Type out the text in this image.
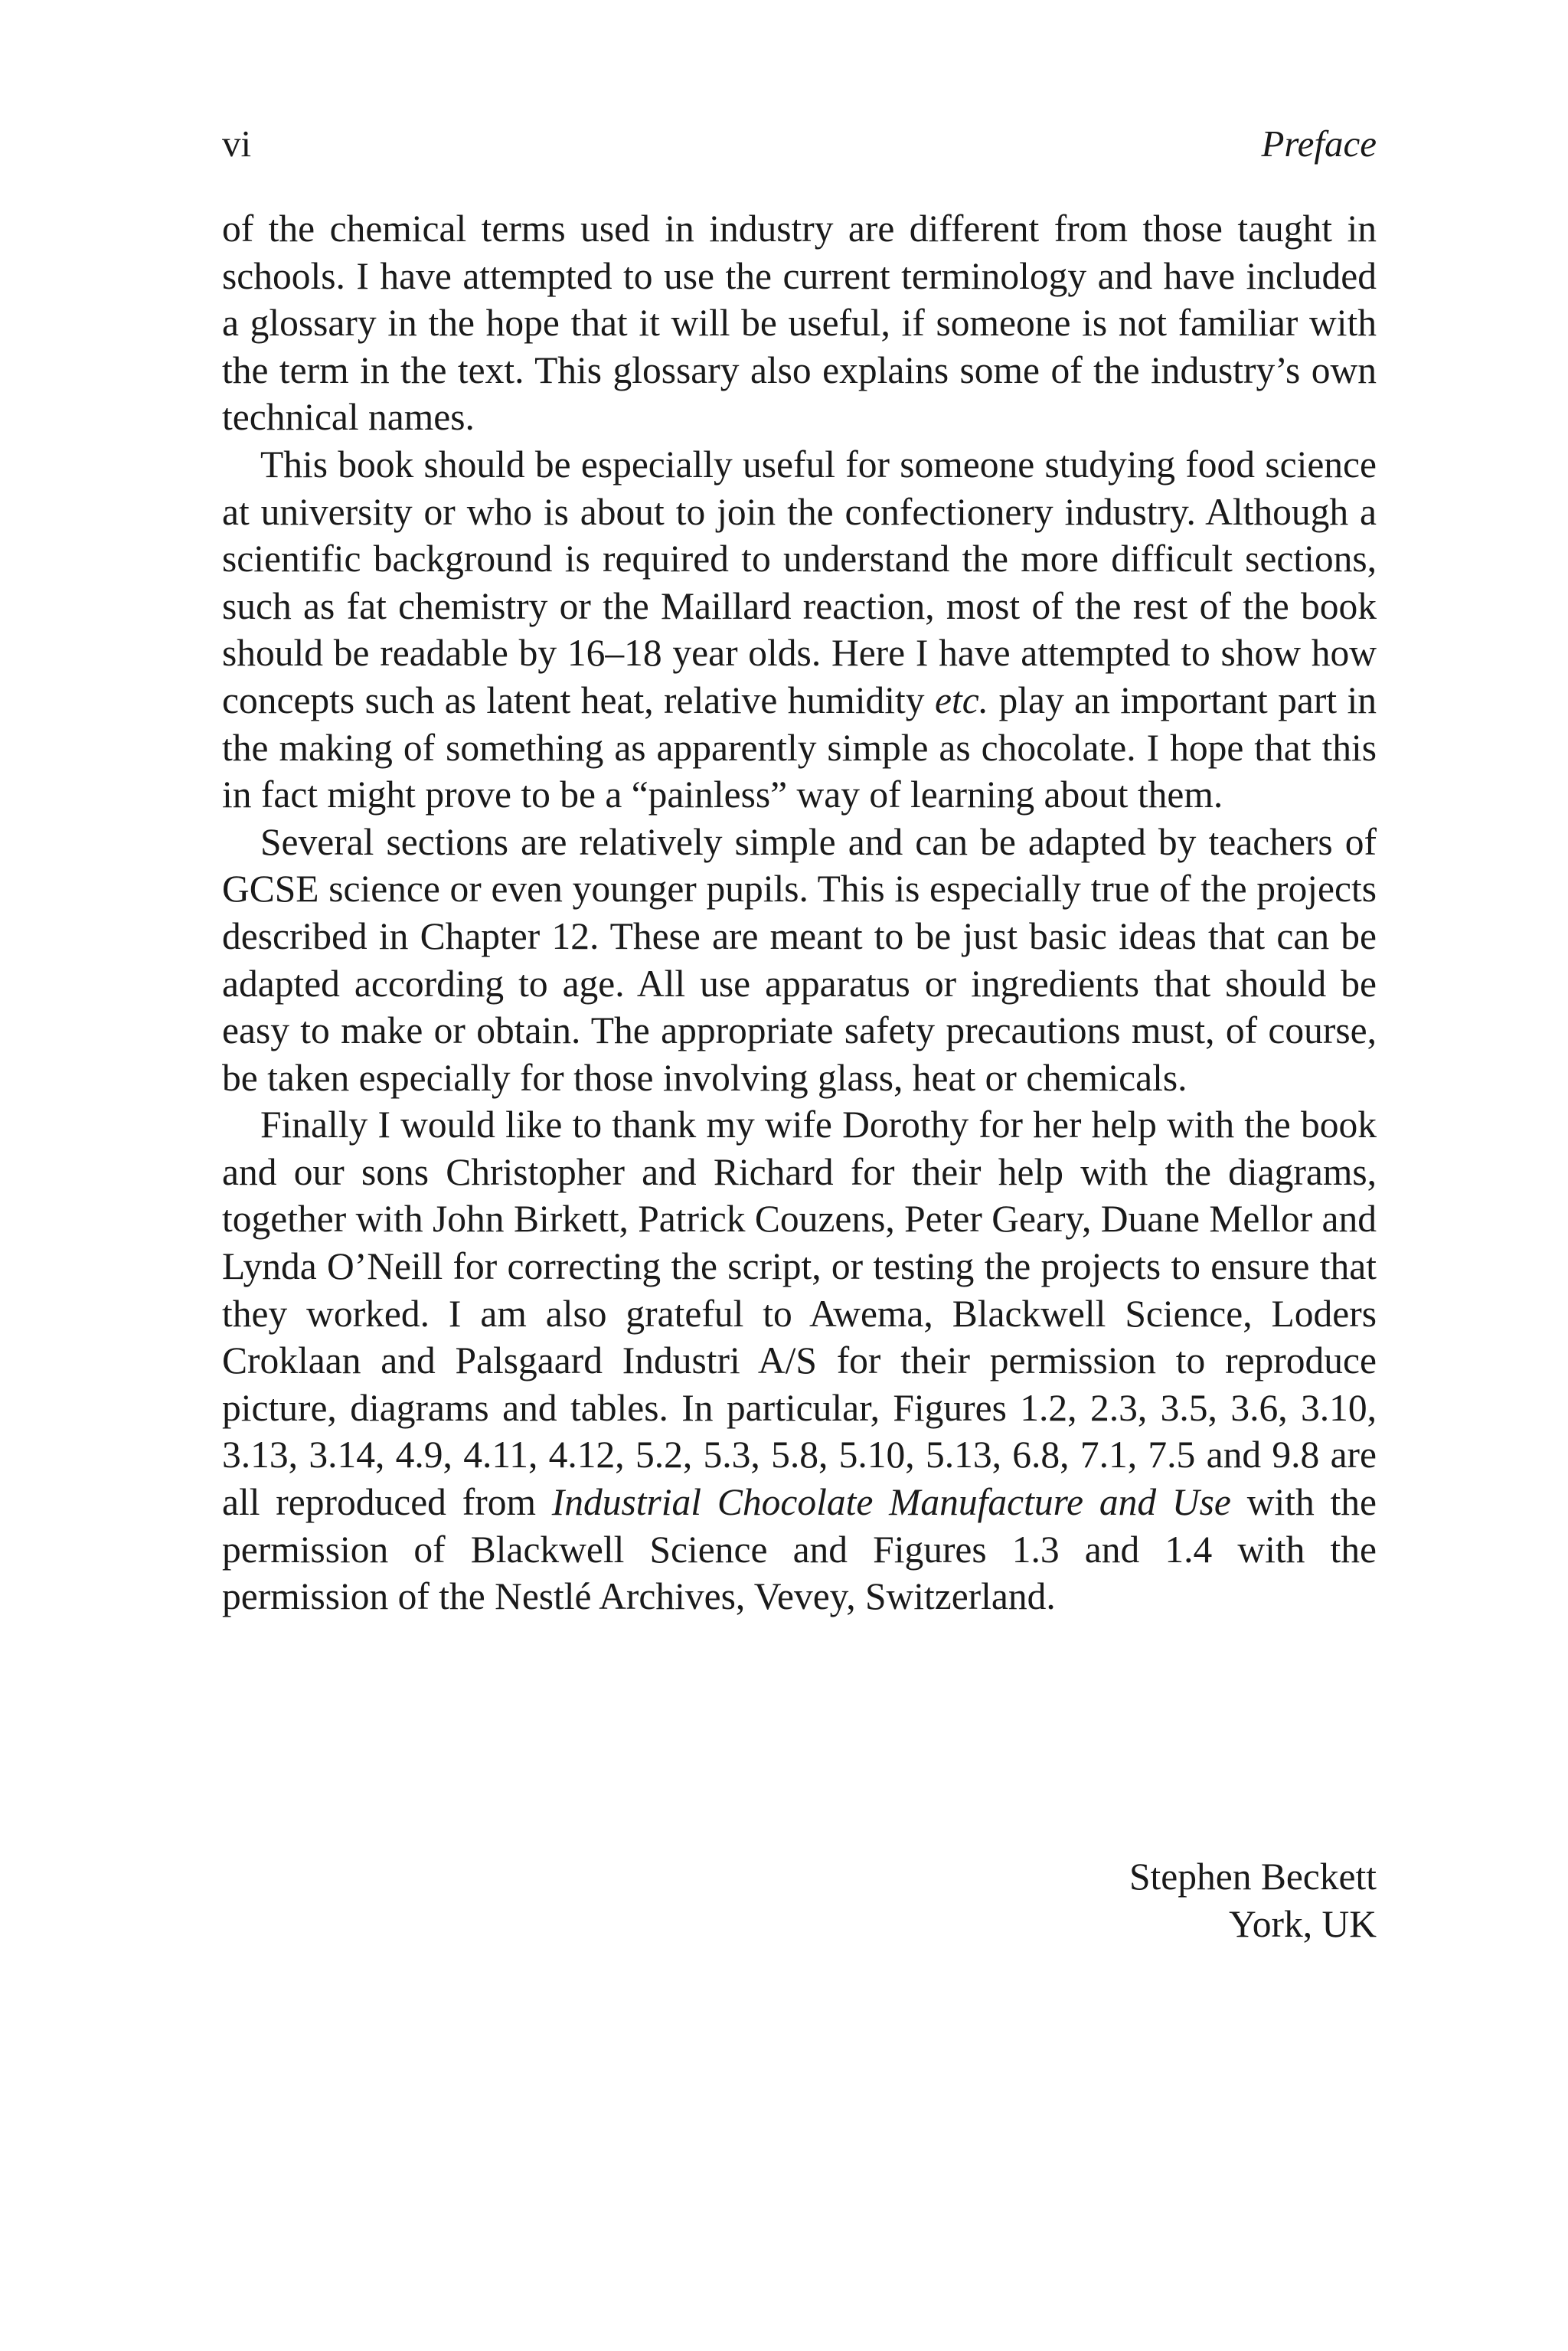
vi	Preface

of the chemical terms used in industry are different from those taught in schools. I have attempted to use the current terminology and have included a glossary in the hope that it will be useful, if someone is not familiar with the term in the text. This glossary also explains some of the industry’s own technical names.

This book should be especially useful for someone studying food science at university or who is about to join the confectionery industry. Although a scientific background is required to understand the more difficult sections, such as fat chemistry or the Maillard reaction, most of the rest of the book should be readable by 16–18 year olds. Here I have attempted to show how concepts such as latent heat, relative humidity etc. play an important part in the making of something as apparently simple as chocolate. I hope that this in fact might prove to be a “painless” way of learning about them.

Several sections are relatively simple and can be adapted by teachers of GCSE science or even younger pupils. This is especially true of the projects described in Chapter 12. These are meant to be just basic ideas that can be adapted according to age. All use apparatus or ingredients that should be easy to make or obtain. The appropriate safety precautions must, of course, be taken especially for those involving glass, heat or chemicals.

Finally I would like to thank my wife Dorothy for her help with the book and our sons Christopher and Richard for their help with the diagrams, together with John Birkett, Patrick Couzens, Peter Geary, Duane Mellor and Lynda O’Neill for correcting the script, or testing the projects to ensure that they worked. I am also grateful to Awema, Blackwell Science, Loders Croklaan and Palsgaard Industri A/S for their permission to reproduce picture, diagrams and tables. In particular, Figures 1.2, 2.3, 3.5, 3.6, 3.10, 3.13, 3.14, 4.9, 4.11, 4.12, 5.2, 5.3, 5.8, 5.10, 5.13, 6.8, 7.1, 7.5 and 9.8 are all reproduced from Industrial Chocolate Manufacture and Use with the permission of Blackwell Science and Figures 1.3 and 1.4 with the permission of the Nestlé Archives, Vevey, Switzerland.

Stephen Beckett
York, UK
